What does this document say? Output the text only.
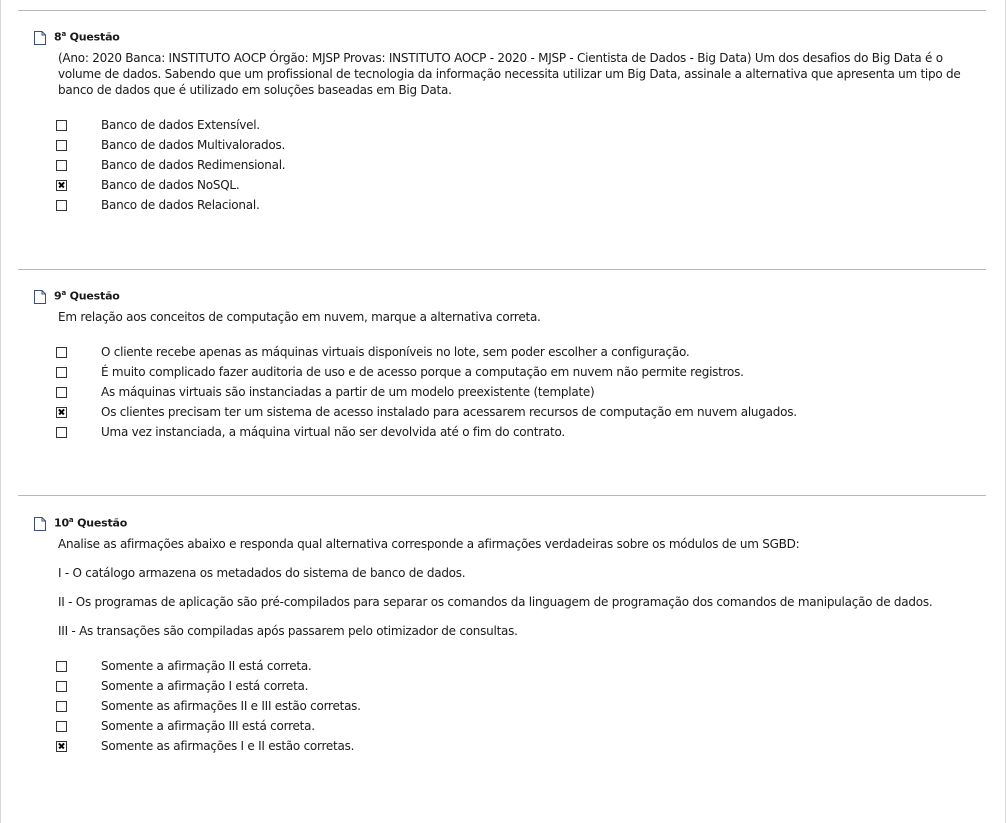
8$^a$ Questão
(Ano: 2020 Banca: INSTITUTO AOCP Órgão: MJSP Provas: INSTITUTO AOCP - 2020 - MJSP - Cientista de Dados - Big Data) Um dos desafios do Big Data é o volume de dados. Sabendo que um profissional de tecnologia da informação necessita utilizar um Big Data, assinale a alternativa que apresenta um tipo de banco de dados que é utilizado em soluções baseadas em Big Data.
Banco de dados Extensível.
Banco de dados Multivalorados.
Banco de dados Redimensional.
Banco de dados NoSQL.
Banco de dados Relacional.
9$^a$ Questão
Em relação aos conceitos de computação em nuvem, marque a alternativa correta.
O cliente recebe apenas as máquinas virtuais disponíveis no lote, sem poder escolher a configuração.
É muito complicado fazer auditoria de uso e de acesso porque a computação em nuvem não permite registros.
As máquinas virtuais são instanciadas a partir de um modelo preexistente (template)
Os clientes precisam ter um sistema de acesso instalado para acessarem recursos de computação em nuvem alugados.
Uma vez instanciada, a máquina virtual não ser devolvida até o fim do contrato.
10$^a$ Questão
Analise as afirmações abaixo e responda qual alternativa corresponde a afirmações verdadeiras sobre os módulos de um SGBD:
I - O catálogo armazena os metadados do sistema de banco de dados.
II - Os programas de aplicação são pré-compilados para separar os comandos da linguagem de programação dos comandos de manipulação de dados.
III - As transações são compiladas após passarem pelo otimizador de consultas.
Somente a afirmação II está correta.
Somente a afirmação I está correta.
Somente as afirmações II e III estão corretas.
Somente a afirmação III está correta.
Somente as afirmações I e II estão corretas.
